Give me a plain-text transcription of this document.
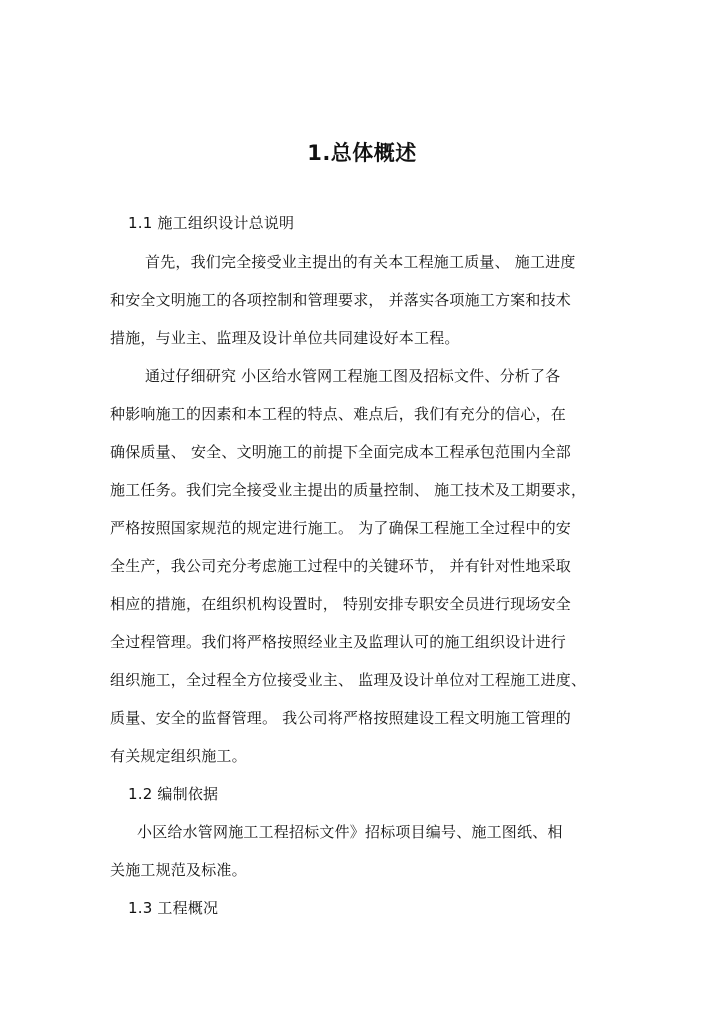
1.总体概述
1.1 施工组织设计总说明
首先，我们完全接受业主提出的有关本工程施工质量、 施工进度
和安全文明施工的各项控制和管理要求， 并落实各项施工方案和技术
措施，与业主、监理及设计单位共同建设好本工程。
通过仔细研究 小区给水管网工程施工图及招标文件、分析了各
种影响施工的因素和本工程的特点、难点后，我们有充分的信心，在
确保质量、 安全、文明施工的前提下全面完成本工程承包范围内全部
施工任务。我们完全接受业主提出的质量控制、 施工技术及工期要求，
严格按照国家规范的规定进行施工。 为了确保工程施工全过程中的安
全生产，我公司充分考虑施工过程中的关键环节， 并有针对性地采取
相应的措施，在组织机构设置时， 特别安排专职安全员进行现场安全
全过程管理。我们将严格按照经业主及监理认可的施工组织设计进行
组织施工，全过程全方位接受业主、 监理及设计单位对工程施工进度、
质量、安全的监督管理。 我公司将严格按照建设工程文明施工管理的
有关规定组织施工。
1.2 编制依据
小区给水管网施工工程招标文件》招标项目编号、施工图纸、相
关施工规范及标准。
1.3 工程概况
